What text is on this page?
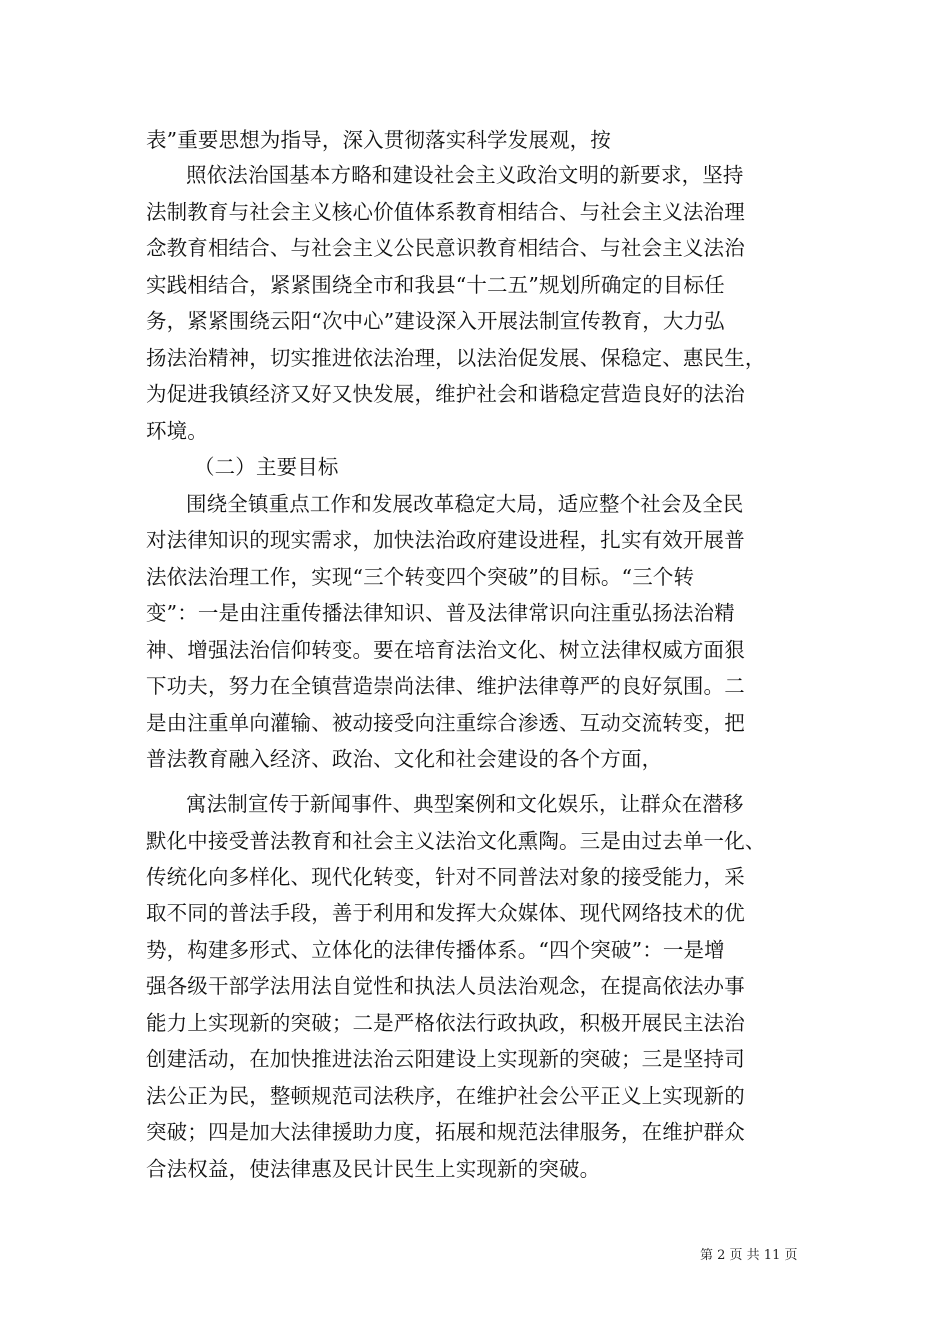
表”重要思想为指导，深入贯彻落实科学发展观，按
照依法治国基本方略和建设社会主义政治文明的新要求，坚持
法制教育与社会主义核心价值体系教育相结合、与社会主义法治理
念教育相结合、与社会主义公民意识教育相结合、与社会主义法治
实践相结合，紧紧围绕全市和我县“十二五”规划所确定的目标任
务，紧紧围绕云阳“次中心”建设深入开展法制宣传教育，大力弘
扬法治精神，切实推进依法治理，以法治促发展、保稳定、惠民生，
为促进我镇经济又好又快发展，维护社会和谐稳定营造良好的法治
环境。
（二）主要目标
围绕全镇重点工作和发展改革稳定大局，适应整个社会及全民
对法律知识的现实需求，加快法治政府建设进程，扎实有效开展普
法依法治理工作，实现“三个转变四个突破”的目标。“三个转
变”：一是由注重传播法律知识、普及法律常识向注重弘扬法治精
神、增强法治信仰转变。要在培育法治文化、树立法律权威方面狠
下功夫，努力在全镇营造崇尚法律、维护法律尊严的良好氛围。二
是由注重单向灌输、被动接受向注重综合渗透、互动交流转变，把
普法教育融入经济、政治、文化和社会建设的各个方面，
寓法制宣传于新闻事件、典型案例和文化娱乐，让群众在潜移
默化中接受普法教育和社会主义法治文化熏陶。三是由过去单一化、
传统化向多样化、现代化转变，针对不同普法对象的接受能力，采
取不同的普法手段，善于利用和发挥大众媒体、现代网络技术的优
势，构建多形式、立体化的法律传播体系。“四个突破”：一是增
强各级干部学法用法自觉性和执法人员法治观念，在提高依法办事
能力上实现新的突破；二是严格依法行政执政，积极开展民主法治
创建活动，在加快推进法治云阳建设上实现新的突破；三是坚持司
法公正为民，整顿规范司法秩序，在维护社会公平正义上实现新的
突破；四是加大法律援助力度，拓展和规范法律服务，在维护群众
合法权益，使法律惠及民计民生上实现新的突破。
第 2 页 共 11 页
